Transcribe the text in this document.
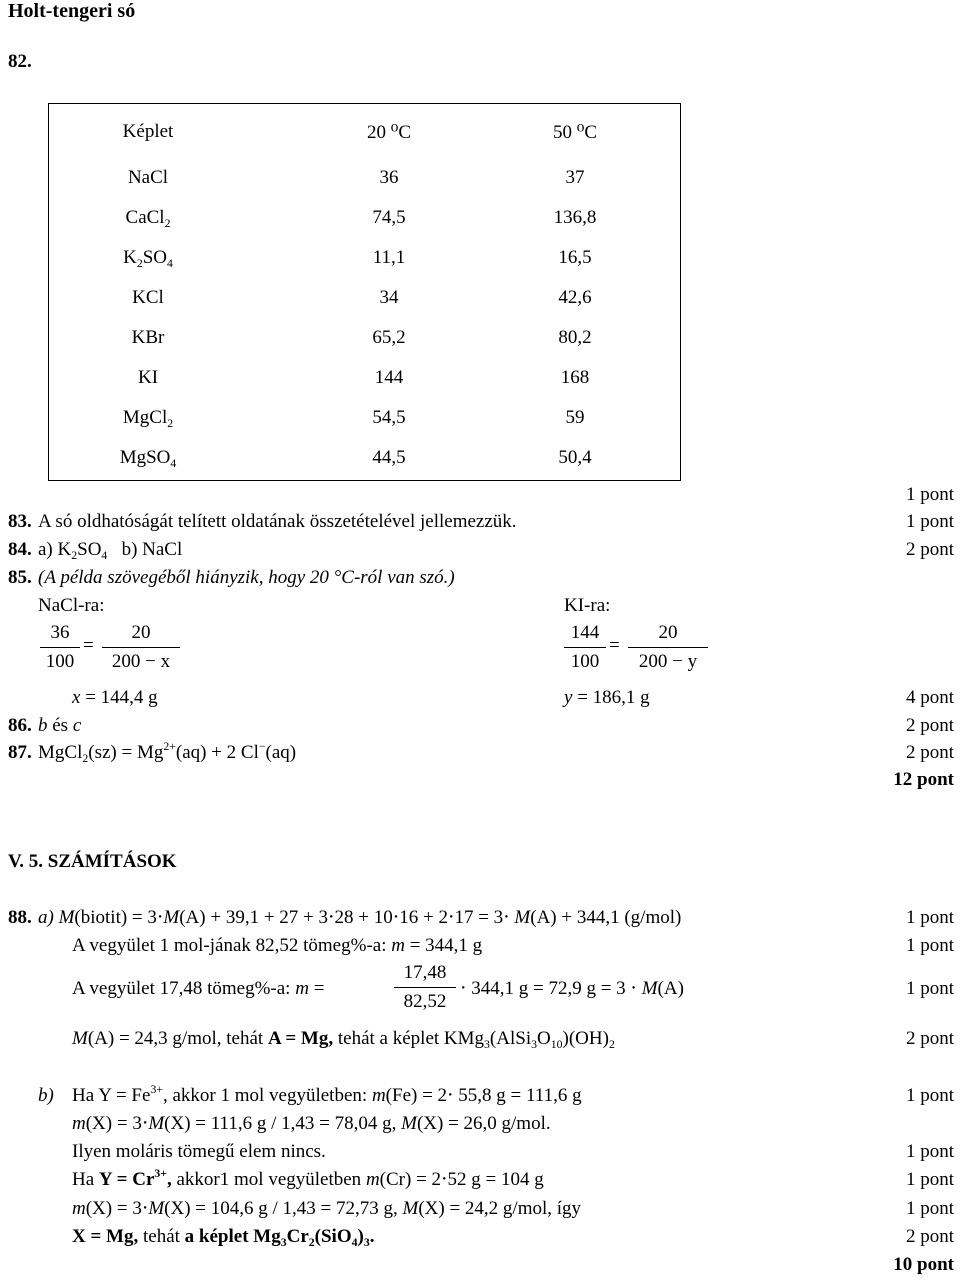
Holt-tengeri só
82.
Képlet	20 ⁰C	50 ⁰C
NaCl	36	37
CaCl$_2$	74,5	136,8
$K_2SO_4$	11,1	16,5
KCl	34	42,6
KBr	65,2	80,2
KI	144	168
MgCl$_2$	54,5	59
MgSO$_4$	44,5	50,4
1 pont
83. A só oldhatóságát telített oldatának összetételével jellemezzük.	1 pont
84. a) $K_2SO_4$   b) NaCl	2 pont
85. (A példa szövegéből hiányzik, hogy 20 °C-ról van szó.)
NaCl-ra:	KI-ra:
36
100
=
20
200 − x
144
100
=
20
200 − y
x = 144,4 g	y = 186,1 g	4 pont
86. b és c	2 pont
87. MgCl$_2$(sz) = $Mg^{2+}(aq) + 2$ Cl−(aq)	2 pont
12 pont
V. 5. SZÁMÍTÁSOK
88. a) M(biotit) = 3⋅M(A) + 39,1 + 27 + 3⋅28 + 10⋅16 + 2⋅17 = 3⋅ M(A) + 344,1 (g/mol)	1 pont
A vegyület 1 mol-jának 82,52 tömeg%-a: m = 344,1 g	1 pont
A vegyület 17,48 tömeg%-a: m =
17,48
82,52
⋅ 344,1 g = 72,9 g = 3 ⋅ M(A)	1 pont
M(A) = 24,3 g/mol, tehát A = Mg, tehát a képlet $KMg_3(AlSi_3O_{10})(OH)_2$	2 pont
b) Ha $Y = Fe^{3+}$, akkor 1 mol vegyületben: m(Fe) = 2⋅ 55,8 g = 111,6 g	1 pont
m(X) = 3⋅M(X) = 111,6 g / 1,43 = 78,04 g, M(X) = 26,0 g/mol.
Ilyen moláris tömegű elem nincs.	1 pont
Ha $Y = Cr^{3+}$, akkor1 mol vegyületben m(Cr) = 2⋅52 g = 104 g	1 pont
m(X) = 3⋅M(X) = 104,6 g / 1,43 = 72,73 g, M(X) = 24,2 g/mol, így	1 pont
X = Mg, tehát a képlet $Mg_3Cr_2(SiO_4)_3$.	2 pont
10 pont
